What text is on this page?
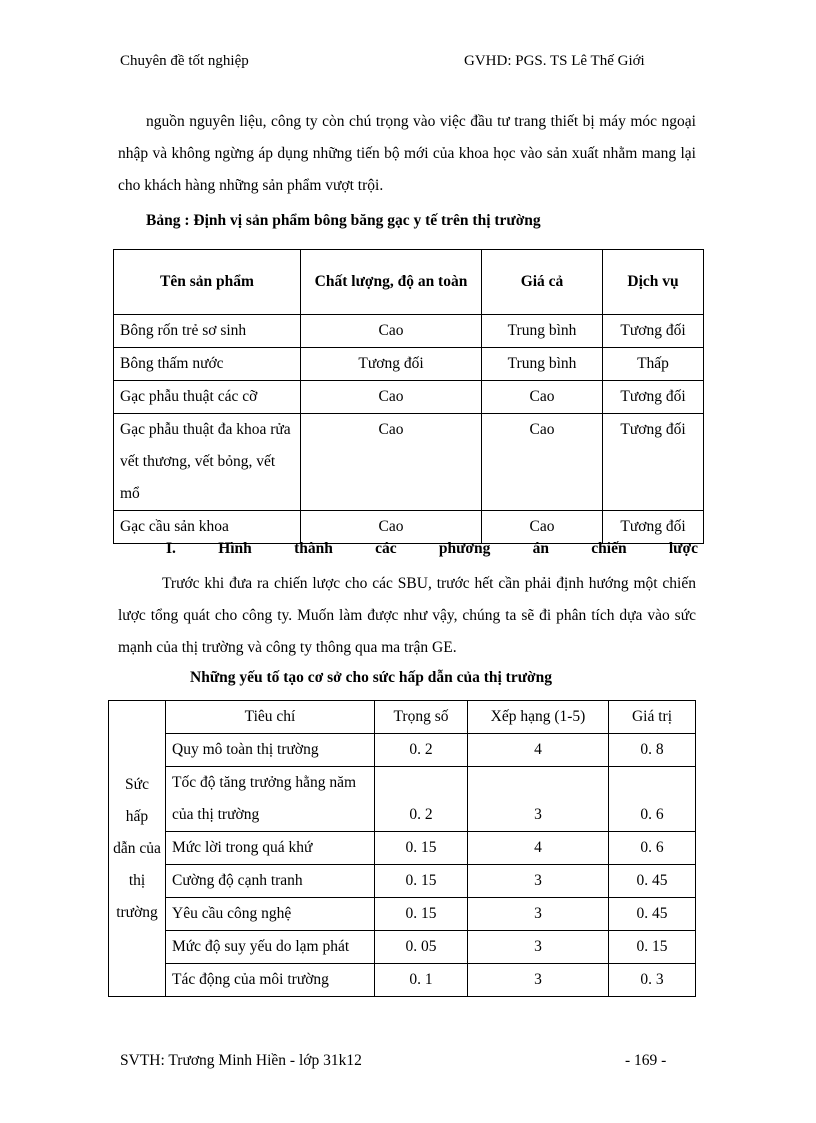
Chuyên đề tốt nghiệp	GVHD: PGS. TS Lê Thế Giới
nguồn nguyên liệu, công ty còn chú trọng vào việc đầu tư trang thiết bị máy móc ngoại nhập và không ngừng áp dụng những tiến bộ mới của khoa học vào sản xuất nhằm mang lại cho khách hàng những sản phẩm vượt trội.
Bảng : Định vị sản phẩm bông băng gạc y tế trên thị trường
Tên sản phẩm	Chất lượng, độ an toàn	Giá cả	Dịch vụ
Bông rốn trẻ sơ sinh	Cao	Trung bình	Tương đối
Bông thấm nước	Tương đối	Trung bình	Thấp
Gạc phẫu thuật các cỡ	Cao	Cao	Tương đối
Gạc phẫu thuật đa khoa rửa vết thương, vết bỏng, vết mổ	Cao	Cao	Tương đối
Gạc cầu sản khoa	Cao	Cao	Tương đối
I.	Hình	thành	các	phương	án	chiến	lược
Trước khi đưa ra chiến lược cho các SBU, trước hết cần phải định hướng một chiến lược tổng quát cho công ty. Muốn làm được như vậy, chúng ta sẽ đi phân tích dựa vào sức mạnh của thị trường và công ty thông qua ma trận GE.
Những yếu tố tạo cơ sở cho sức hấp dẫn của thị trường
Sức hấp dẫn của thị trường	Tiêu chí	Trọng số	Xếp hạng (1-5)	Giá trị
	Quy mô toàn thị trường	0. 2	4	0. 8
	Tốc độ tăng trưởng hằng năm của thị trường	0. 2	3	0. 6
	Mức lời trong quá khứ	0. 15	4	0. 6
	Cường độ cạnh tranh	0. 15	3	0. 45
	Yêu cầu công nghệ	0. 15	3	0. 45
	Mức độ suy yếu do lạm phát	0. 05	3	0. 15
	Tác động của môi trường	0. 1	3	0. 3
SVTH: Trương Minh Hiền - lớp 31k12	- 169 -
